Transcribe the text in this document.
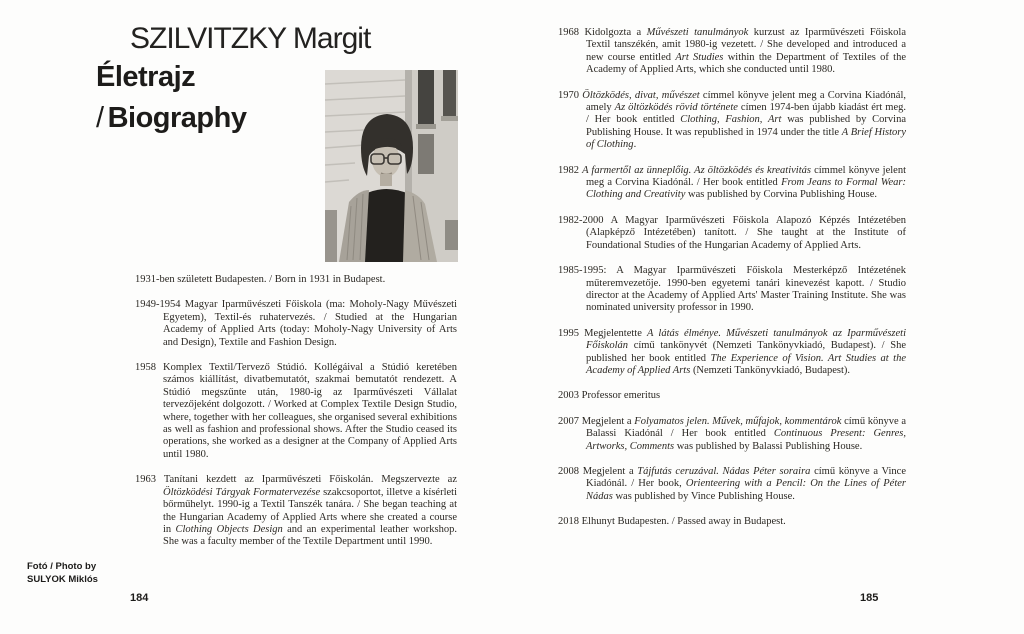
SZILVITZKY Margit
Életrajz
/ Biography

1931-ben született Budapesten. / Born in 1931 in Budapest.

1949-1954 Magyar Iparművészeti Főiskola (ma: Moholy-Nagy Művészeti Egyetem), Textil-és ruhatervezés. / Studied at the Hungarian Academy of Applied Arts (today: Moholy-Nagy University of Arts and Design), Textile and Fashion Design.

1958 Komplex Textil/Tervező Stúdió. Kollégáival a Stúdió keretében számos kiállítást, divatbemutatót, szakmai bemutatót rendezett. A Stúdió megszűnte után, 1980-ig az Iparművészeti Vállalat tervezőjeként dolgozott. / Worked at Complex Textile Design Studio, where, together with her colleagues, she organised several exhibitions as well as fashion and professional shows. After the Studio ceased its operations, she worked as a designer at the Company of Applied Arts until 1980.

1963 Tanítani kezdett az Iparművészeti Főiskolán. Megszervezte az Öltözködési Tárgyak Formatervezése szakcsoportot, illetve a kísérleti bőrműhelyt. 1990-ig a Textil Tanszék tanára. / She began teaching at the Hungarian Academy of Applied Arts where she created a course in Clothing Objects Design and an experimental leather workshop. She was a faculty member of the Textile Department until 1990.

Fotó / Photo by
SULYOK Miklós
184

1968 Kidolgozta a Művészeti tanulmányok kurzust az Iparművészeti Főiskola Textil tanszékén, amit 1980-ig vezetett. / She developed and introduced a new course entitled Art Studies within the Department of Textiles of the Academy of Applied Arts, which she conducted until 1980.

1970 Öltözködés, divat, művészet címmel könyve jelent meg a Corvina Kiadónál, amely Az öltözködés rövid története címen 1974-ben újabb kiadást ért meg. / Her book entitled Clothing, Fashion, Art was published by Corvina Publishing House. It was republished in 1974 under the title A Brief History of Clothing.

1982 A farmertől az ünneplőig. Az öltözködés és kreativitás címmel könyve jelent meg a Corvina Kiadónál. / Her book entitled From Jeans to Formal Wear: Clothing and Creativity was published by Corvina Publishing House.

1982-2000 A Magyar Iparművészeti Főiskola Alapozó Képzés Intézetében (Alapképző Intézetében) tanított. / She taught at the Institute of Foundational Studies of the Hungarian Academy of Applied Arts.

1985-1995: A Magyar Iparművészeti Főiskola Mesterképző Intézetének műteremvezetője. 1990-ben egyetemi tanári kinevezést kapott. / Studio director at the Academy of Applied Arts' Master Training Institute. She was nominated university professor in 1990.

1995 Megjelentette A látás élménye. Művészeti tanulmányok az Iparművészeti Főiskolán című tankönyvét (Nemzeti Tankönyvkiadó, Budapest). / She published her book entitled The Experience of Vision. Art Studies at the Academy of Applied Arts (Nemzeti Tankönyvkiadó, Budapest).

2003 Professor emeritus

2007 Megjelent a Folyamatos jelen. Művek, műfajok, kommentárok című könyve a Balassi Kiadónál / Her book entitled Continuous Present: Genres, Artworks, Comments was published by Balassi Publishing House.

2008 Megjelent a Tájfutás ceruzával. Nádas Péter soraira című könyve a Vince Kiadónál. / Her book, Orienteering with a Pencil: On the Lines of Péter Nádas was published by Vince Publishing House.

2018 Elhunyt Budapesten. / Passed away in Budapest.

185
